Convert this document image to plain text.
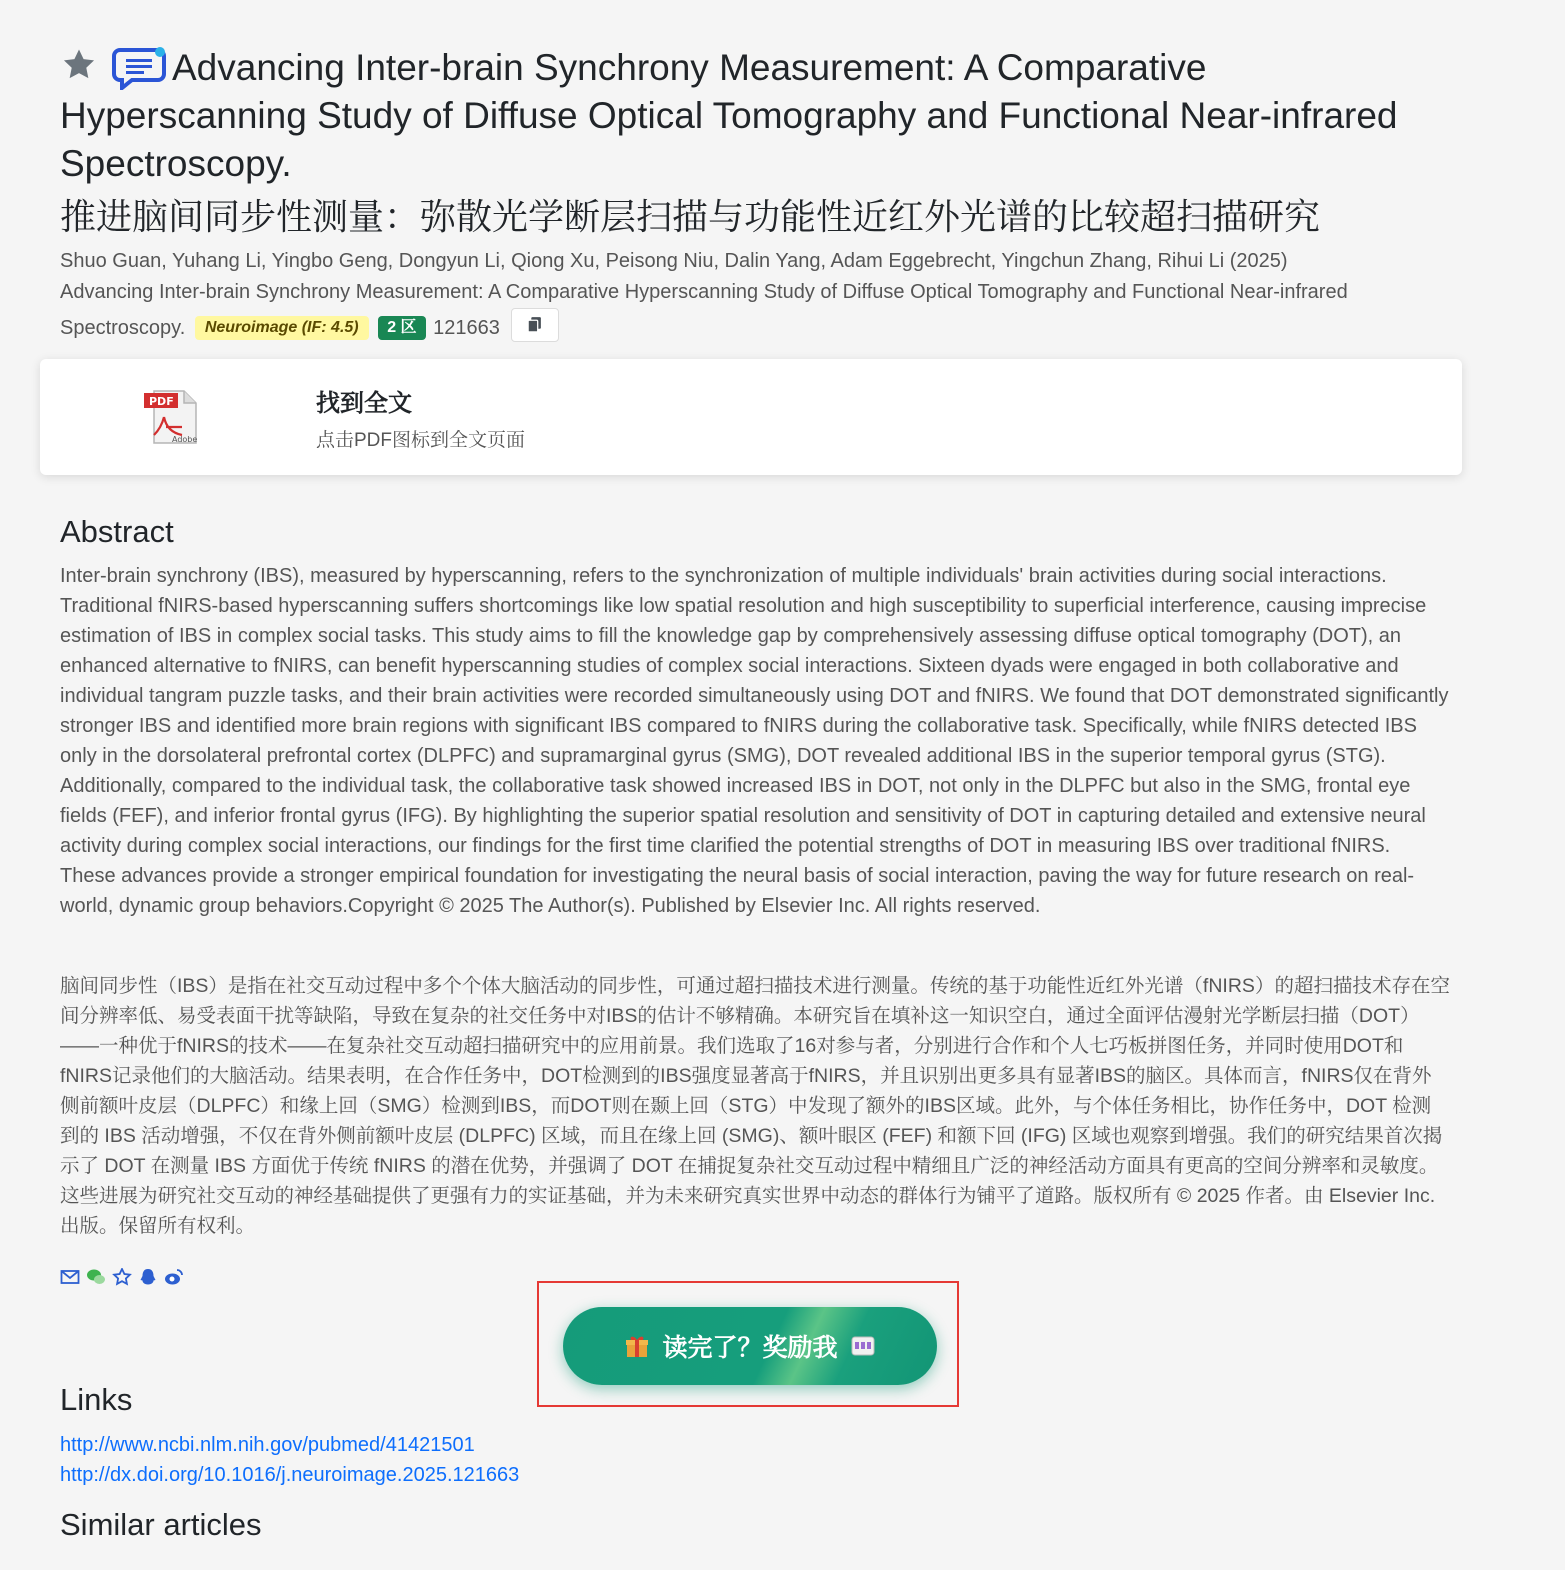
Advancing Inter-brain Synchrony Measurement: A Comparative Hyperscanning Study of Diffuse Optical Tomography and Functional Near-infrared Spectroscopy.
推进脑间同步性测量：弥散光学断层扫描与功能性近红外光谱的比较超扫描研究
Shuo Guan, Yuhang Li, Yingbo Geng, Dongyun Li, Qiong Xu, Peisong Niu, Dalin Yang, Adam Eggebrecht, Yingchun Zhang, Rihui Li (2025)
Advancing Inter-brain Synchrony Measurement: A Comparative Hyperscanning Study of Diffuse Optical Tomography and Functional Near-infrared Spectroscopy. Neuroimage (IF: 4.5) 2 区 121663
PDF
Adobe
找到全文
点击PDF图标到全文页面
Abstract
Inter-brain synchrony (IBS), measured by hyperscanning, refers to the synchronization of multiple individuals' brain activities during social interactions. Traditional fNIRS-based hyperscanning suffers shortcomings like low spatial resolution and high susceptibility to superficial interference, causing imprecise estimation of IBS in complex social tasks. This study aims to fill the knowledge gap by comprehensively assessing diffuse optical tomography (DOT), an enhanced alternative to fNIRS, can benefit hyperscanning studies of complex social interactions. Sixteen dyads were engaged in both collaborative and individual tangram puzzle tasks, and their brain activities were recorded simultaneously using DOT and fNIRS. We found that DOT demonstrated significantly stronger IBS and identified more brain regions with significant IBS compared to fNIRS during the collaborative task. Specifically, while fNIRS detected IBS only in the dorsolateral prefrontal cortex (DLPFC) and supramarginal gyrus (SMG), DOT revealed additional IBS in the superior temporal gyrus (STG). Additionally, compared to the individual task, the collaborative task showed increased IBS in DOT, not only in the DLPFC but also in the SMG, frontal eye fields (FEF), and inferior frontal gyrus (IFG). By highlighting the superior spatial resolution and sensitivity of DOT in capturing detailed and extensive neural activity during complex social interactions, our findings for the first time clarified the potential strengths of DOT in measuring IBS over traditional fNIRS. These advances provide a stronger empirical foundation for investigating the neural basis of social interaction, paving the way for future research on real-world, dynamic group behaviors.Copyright © 2025 The Author(s). Published by Elsevier Inc. All rights reserved.
脑间同步性（IBS）是指在社交互动过程中多个个体大脑活动的同步性，可通过超扫描技术进行测量。传统的基于功能性近红外光谱（fNIRS）的超扫描技术存在空间分辨率低、易受表面干扰等缺陷，导致在复杂的社交任务中对IBS的估计不够精确。本研究旨在填补这一知识空白，通过全面评估漫射光学断层扫描（DOT）——一种优于fNIRS的技术——在复杂社交互动超扫描研究中的应用前景。我们选取了16对参与者，分别进行合作和个人七巧板拼图任务，并同时使用DOT和fNIRS记录他们的大脑活动。结果表明，在合作任务中，DOT检测到的IBS强度显著高于fNIRS，并且识别出更多具有显著IBS的脑区。具体而言，fNIRS仅在背外侧前额叶皮层（DLPFC）和缘上回（SMG）检测到IBS，而DOT则在颞上回（STG）中发现了额外的IBS区域。此外，与个体任务相比，协作任务中，DOT 检测到的 IBS 活动增强，不仅在背外侧前额叶皮层 (DLPFC) 区域，而且在缘上回 (SMG)、额叶眼区 (FEF) 和额下回 (IFG) 区域也观察到增强。我们的研究结果首次揭示了 DOT 在测量 IBS 方面优于传统 fNIRS 的潜在优势，并强调了 DOT 在捕捉复杂社交互动过程中精细且广泛的神经活动方面具有更高的空间分辨率和灵敏度。这些进展为研究社交互动的神经基础提供了更强有力的实证基础，并为未来研究真实世界中动态的群体行为铺平了道路。版权所有 © 2025 作者。由 Elsevier Inc. 出版。保留所有权利。
读完了？奖励我
Links
http://www.ncbi.nlm.nih.gov/pubmed/41421501
http://dx.doi.org/10.1016/j.neuroimage.2025.121663
Similar articles
